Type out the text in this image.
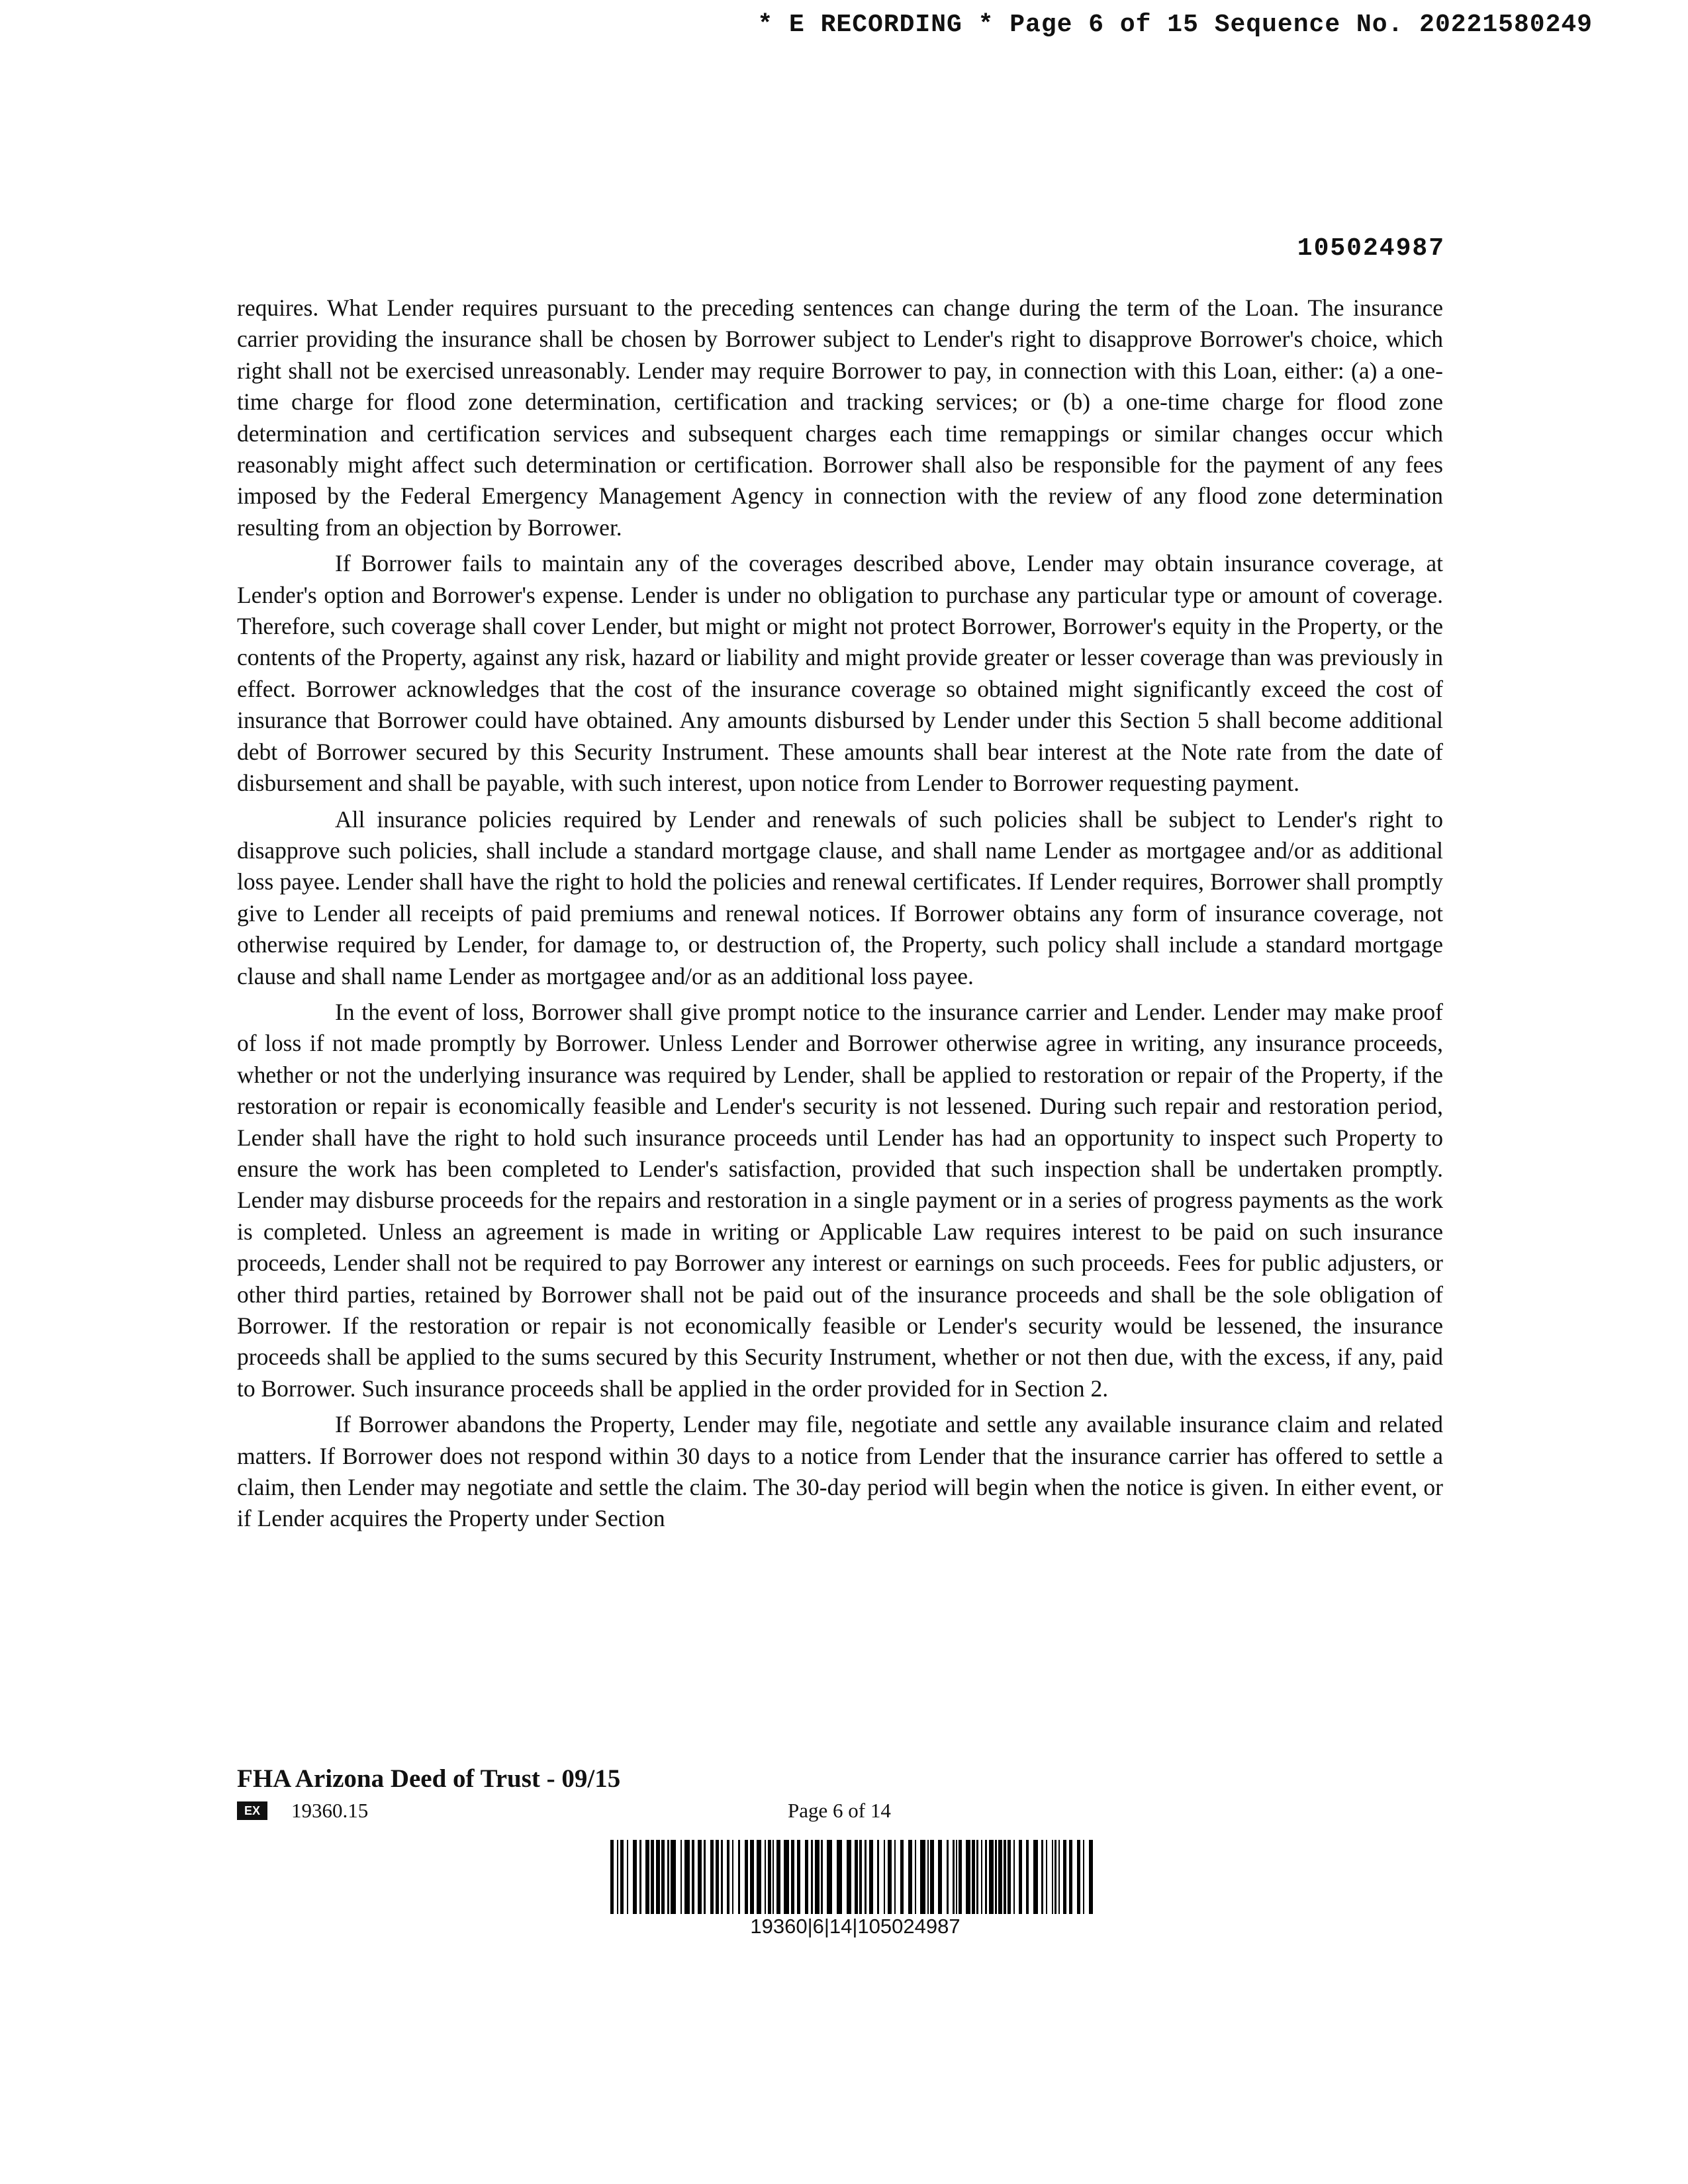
* E RECORDING * Page 6 of 15 Sequence No. 20221580249
105024987

requires. What Lender requires pursuant to the preceding sentences can change during the term of the Loan. The insurance carrier providing the insurance shall be chosen by Borrower subject to Lender's right to disapprove Borrower's choice, which right shall not be exercised unreasonably. Lender may require Borrower to pay, in connection with this Loan, either: (a) a one-time charge for flood zone determination, certification and tracking services; or (b) a one-time charge for flood zone determination and certification services and subsequent charges each time remappings or similar changes occur which reasonably might affect such determination or certification. Borrower shall also be responsible for the payment of any fees imposed by the Federal Emergency Management Agency in connection with the review of any flood zone determination resulting from an objection by Borrower.

If Borrower fails to maintain any of the coverages described above, Lender may obtain insurance coverage, at Lender's option and Borrower's expense. Lender is under no obligation to purchase any particular type or amount of coverage. Therefore, such coverage shall cover Lender, but might or might not protect Borrower, Borrower's equity in the Property, or the contents of the Property, against any risk, hazard or liability and might provide greater or lesser coverage than was previously in effect. Borrower acknowledges that the cost of the insurance coverage so obtained might significantly exceed the cost of insurance that Borrower could have obtained. Any amounts disbursed by Lender under this Section 5 shall become additional debt of Borrower secured by this Security Instrument. These amounts shall bear interest at the Note rate from the date of disbursement and shall be payable, with such interest, upon notice from Lender to Borrower requesting payment.

All insurance policies required by Lender and renewals of such policies shall be subject to Lender's right to disapprove such policies, shall include a standard mortgage clause, and shall name Lender as mortgagee and/or as additional loss payee. Lender shall have the right to hold the policies and renewal certificates. If Lender requires, Borrower shall promptly give to Lender all receipts of paid premiums and renewal notices. If Borrower obtains any form of insurance coverage, not otherwise required by Lender, for damage to, or destruction of, the Property, such policy shall include a standard mortgage clause and shall name Lender as mortgagee and/or as an additional loss payee.

In the event of loss, Borrower shall give prompt notice to the insurance carrier and Lender. Lender may make proof of loss if not made promptly by Borrower. Unless Lender and Borrower otherwise agree in writing, any insurance proceeds, whether or not the underlying insurance was required by Lender, shall be applied to restoration or repair of the Property, if the restoration or repair is economically feasible and Lender's security is not lessened. During such repair and restoration period, Lender shall have the right to hold such insurance proceeds until Lender has had an opportunity to inspect such Property to ensure the work has been completed to Lender's satisfaction, provided that such inspection shall be undertaken promptly. Lender may disburse proceeds for the repairs and restoration in a single payment or in a series of progress payments as the work is completed. Unless an agreement is made in writing or Applicable Law requires interest to be paid on such insurance proceeds, Lender shall not be required to pay Borrower any interest or earnings on such proceeds. Fees for public adjusters, or other third parties, retained by Borrower shall not be paid out of the insurance proceeds and shall be the sole obligation of Borrower. If the restoration or repair is not economically feasible or Lender's security would be lessened, the insurance proceeds shall be applied to the sums secured by this Security Instrument, whether or not then due, with the excess, if any, paid to Borrower. Such insurance proceeds shall be applied in the order provided for in Section 2.

If Borrower abandons the Property, Lender may file, negotiate and settle any available insurance claim and related matters. If Borrower does not respond within 30 days to a notice from Lender that the insurance carrier has offered to settle a claim, then Lender may negotiate and settle the claim. The 30-day period will begin when the notice is given. In either event, or if Lender acquires the Property under Section

FHA Arizona Deed of Trust - 09/15
EX	19360.15	Page 6 of 14
19360|6|14|105024987
